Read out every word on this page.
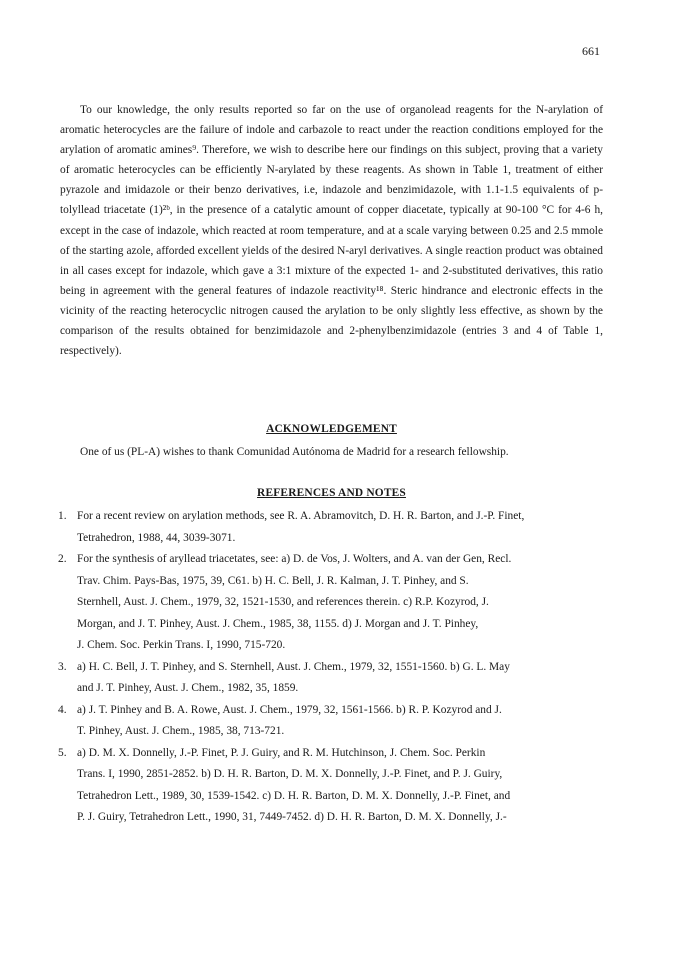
661

To our knowledge, the only results reported so far on the use of organolead reagents for the N-arylation of aromatic heterocycles are the failure of indole and carbazole to react under the reaction conditions employed for the arylation of aromatic amines⁹. Therefore, we wish to describe here our findings on this subject, proving that a variety of aromatic heterocycles can be efficiently N-arylated by these reagents. As shown in Table 1, treatment of either pyrazole and imidazole or their benzo derivatives, i.e, indazole and benzimidazole, with 1.1-1.5 equivalents of p-tolyllead triacetate (1)²ᵇ, in the presence of a catalytic amount of copper diacetate, typically at 90-100 °C for 4-6 h, except in the case of indazole, which reacted at room temperature, and at a scale varying between 0.25 and 2.5 mmole of the starting azole, afforded excellent yields of the desired N-aryl derivatives. A single reaction product was obtained in all cases except for indazole, which gave a 3:1 mixture of the expected 1- and 2-substituted derivatives, this ratio being in agreement with the general features of indazole reactivity¹⁸. Steric hindrance and electronic effects in the vicinity of the reacting heterocyclic nitrogen caused the arylation to be only slightly less effective, as shown by the comparison of the results obtained for benzimidazole and 2-phenylbenzimidazole (entries 3 and 4 of Table 1, respectively).

ACKNOWLEDGEMENT

One of us (PL-A) wishes to thank Comunidad Autónoma de Madrid for a research fellowship.

REFERENCES AND NOTES
1. For a recent review on arylation methods, see R. A. Abramovitch, D. H. R. Barton, and J.-P. Finet,
Tetrahedron, 1988, 44, 3039-3071.
2. For the synthesis of aryllead triacetates, see: a) D. de Vos, J. Wolters, and A. van der Gen, Recl.
Trav. Chim. Pays-Bas, 1975, 39, C61. b) H. C. Bell, J. R. Kalman, J. T. Pinhey, and S.
Sternhell, Aust. J. Chem., 1979, 32, 1521-1530, and references therein. c) R.P. Kozyrod, J.
Morgan, and J. T. Pinhey, Aust. J. Chem., 1985, 38, 1155. d) J. Morgan and J. T. Pinhey,
J. Chem. Soc. Perkin Trans. I, 1990, 715-720.
3. a) H. C. Bell, J. T. Pinhey, and S. Sternhell, Aust. J. Chem., 1979, 32, 1551-1560. b) G. L. May
and J. T. Pinhey, Aust. J. Chem., 1982, 35, 1859.
4. a) J. T. Pinhey and B. A. Rowe, Aust. J. Chem., 1979, 32, 1561-1566. b) R. P. Kozyrod and J.
T. Pinhey, Aust. J. Chem., 1985, 38, 713-721.
5. a) D. M. X. Donnelly, J.-P. Finet, P. J. Guiry, and R. M. Hutchinson, J. Chem. Soc. Perkin
Trans. I, 1990, 2851-2852. b) D. H. R. Barton, D. M. X. Donnelly, J.-P. Finet, and P. J. Guiry,
Tetrahedron Lett., 1989, 30, 1539-1542. c) D. H. R. Barton, D. M. X. Donnelly, J.-P. Finet, and
P. J. Guiry, Tetrahedron Lett., 1990, 31, 7449-7452. d) D. H. R. Barton, D. M. X. Donnelly, J.-
